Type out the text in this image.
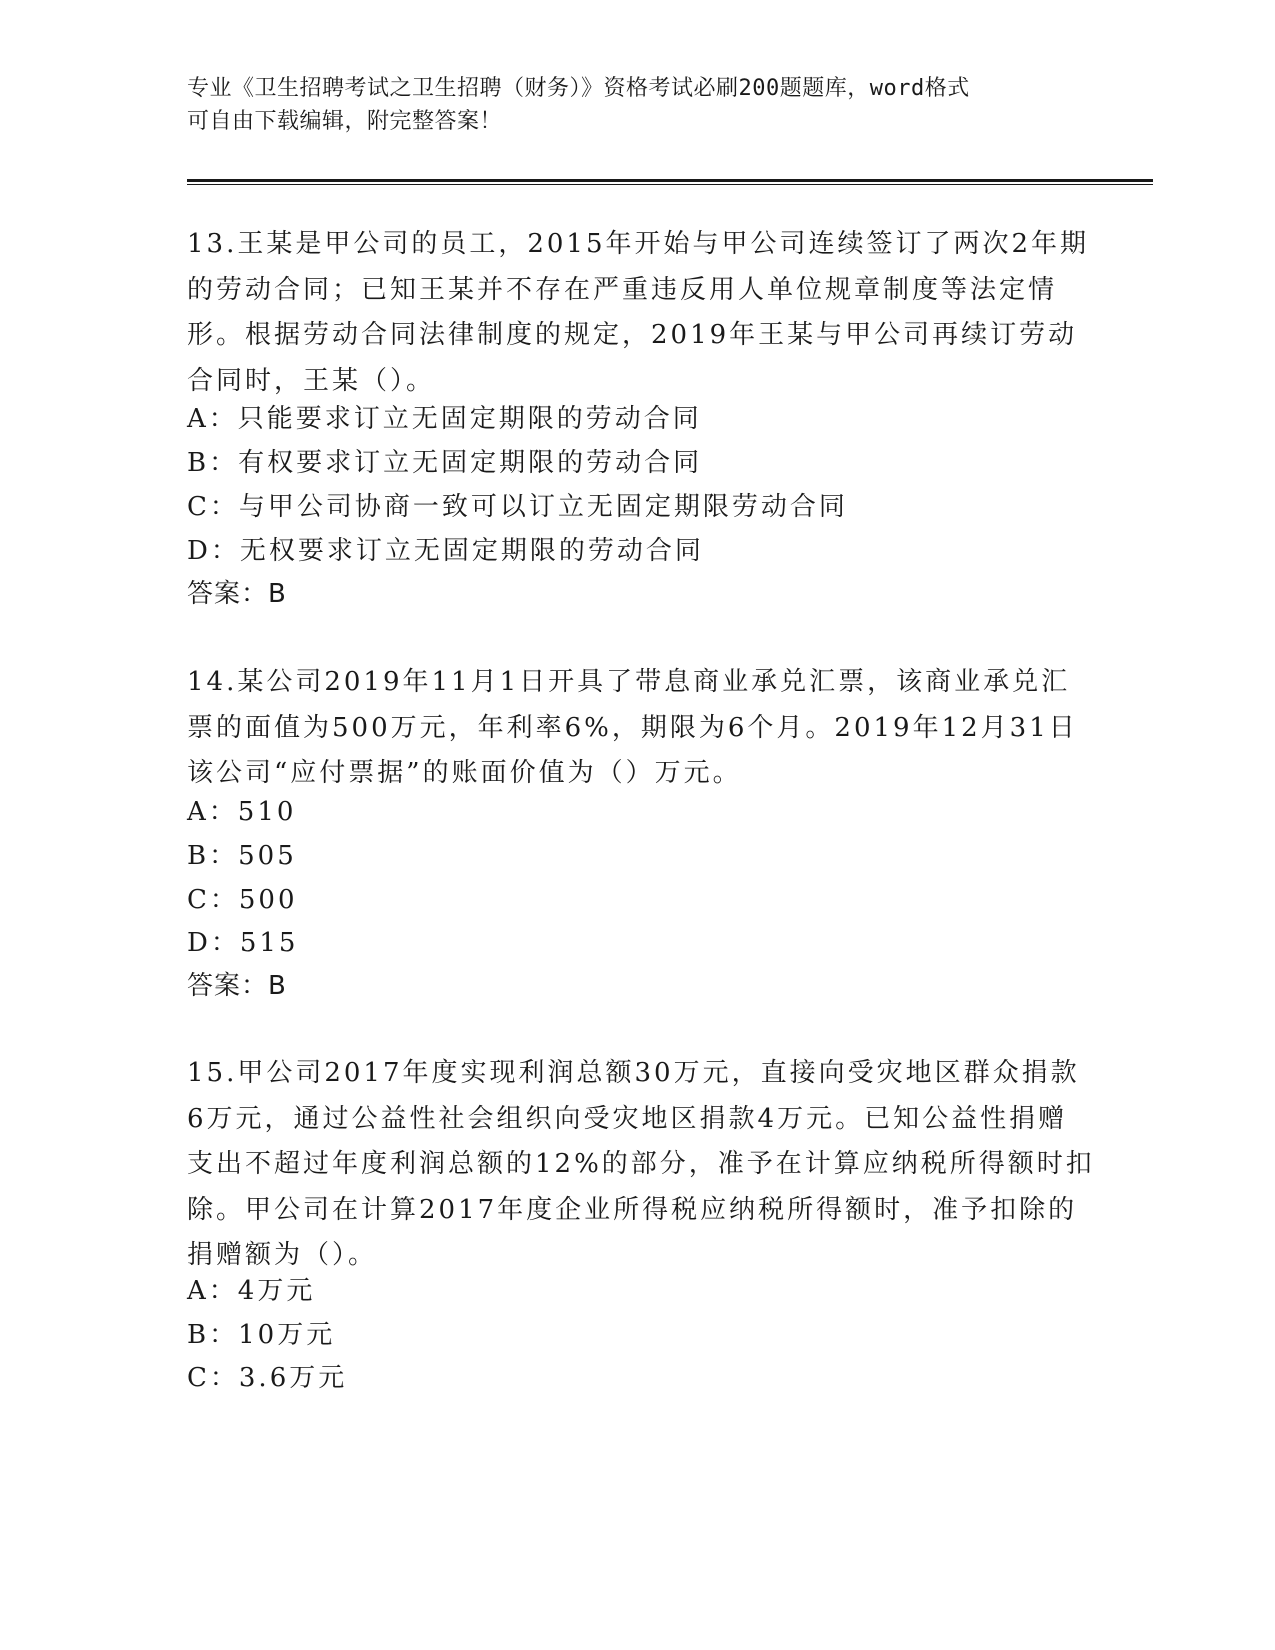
专业《卫生招聘考试之卫生招聘（财务）》资格考试必刷200题题库，word格式
可自由下载编辑，附完整答案！
13.王某是甲公司的员工，2015年开始与甲公司连续签订了两次2年期
的劳动合同；已知王某并不存在严重违反用人单位规章制度等法定情
形。根据劳动合同法律制度的规定，2019年王某与甲公司再续订劳动
合同时，王某（）。
A：只能要求订立无固定期限的劳动合同
B：有权要求订立无固定期限的劳动合同
C：与甲公司协商一致可以订立无固定期限劳动合同
D：无权要求订立无固定期限的劳动合同
答案：B
14.某公司2019年11月1日开具了带息商业承兑汇票，该商业承兑汇
票的面值为500万元，年利率6%，期限为6个月。2019年12月31日
该公司“应付票据”的账面价值为（）万元。
A：510
B：505
C：500
D：515
答案：B
15.甲公司2017年度实现利润总额30万元，直接向受灾地区群众捐款
6万元，通过公益性社会组织向受灾地区捐款4万元。已知公益性捐赠
支出不超过年度利润总额的12%的部分，准予在计算应纳税所得额时扣
除。甲公司在计算2017年度企业所得税应纳税所得额时，准予扣除的
捐赠额为（）。
A：4万元
B：10万元
C：3.6万元
